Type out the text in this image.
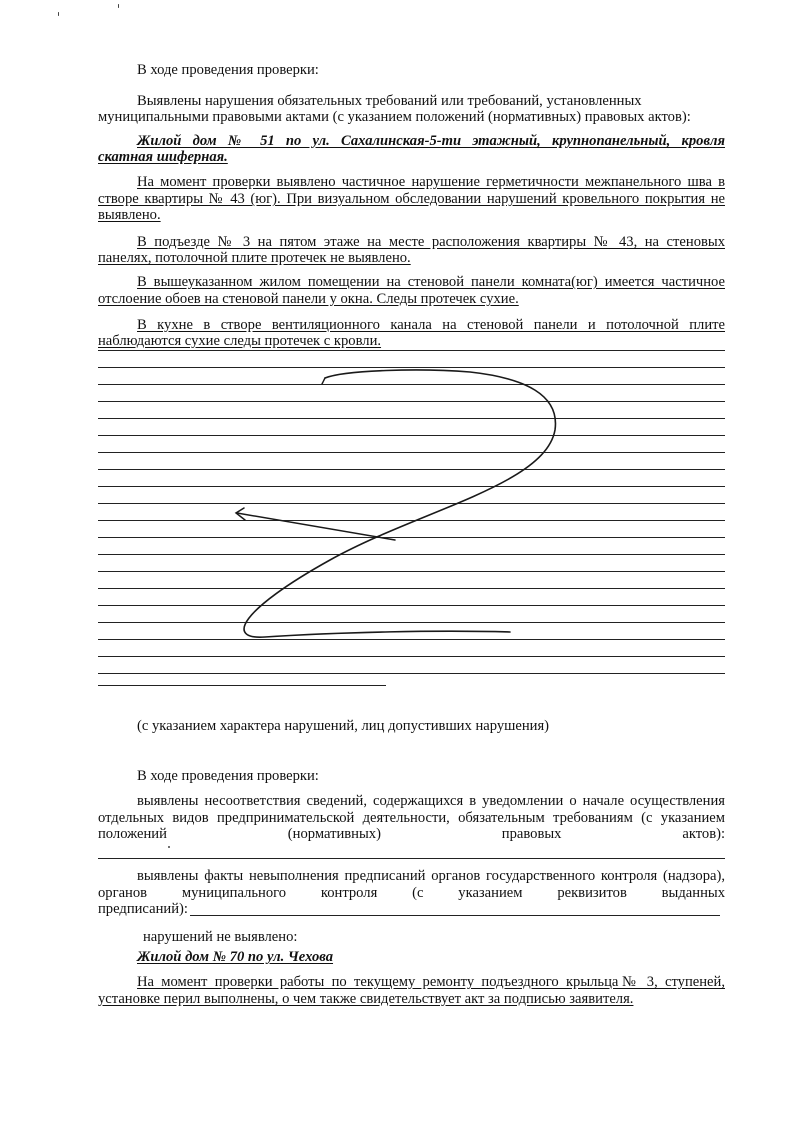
В ходе проведения проверки:
Выявлены нарушения обязательных требований или требований, установленных
муниципальными правовыми актами (с указанием положений (нормативных) правовых актов):
Жилой дом № 51 по ул. Сахалинская-5-ти этажный, крупнопанельный, кровля
скатная шиферная.
На момент проверки выявлено частичное нарушение герметичности межпанельного шва в
створе квартиры № 43 (юг). При визуальном обследовании нарушений кровельного покрытия не
выявлено.
В подъезде № 3 на пятом этаже на месте расположения квартиры № 43, на стеновых
панелях, потолочной плите протечек не выявлено.
В вышеуказанном жилом помещении на стеновой панели комната(юг) имеется частичное
отслоение обоев на стеновой панели у окна. Следы протечек сухие.
В кухне в створе вентиляционного канала на стеновой панели и потолочной плите
наблюдаются сухие следы протечек с кровли.
(с указанием характера нарушений, лиц допустивших нарушения)
В ходе проведения проверки:
выявлены несоответствия сведений, содержащихся в уведомлении о начале осуществления
отдельных видов предпринимательской деятельности, обязательным требованиям (с указанием
положений (нормативных) правовых актов):
выявлены факты невыполнения предписаний органов государственного контроля (надзора),
органов муниципального контроля (с указанием реквизитов выданных
предписаний):
нарушений не выявлено:
Жилой дом № 70 по ул. Чехова
На момент проверки работы по текущему ремонту подъездного крыльца№ 3, ступеней,
установке перил выполнены, о чем также свидетельствует акт за подписью заявителя.
